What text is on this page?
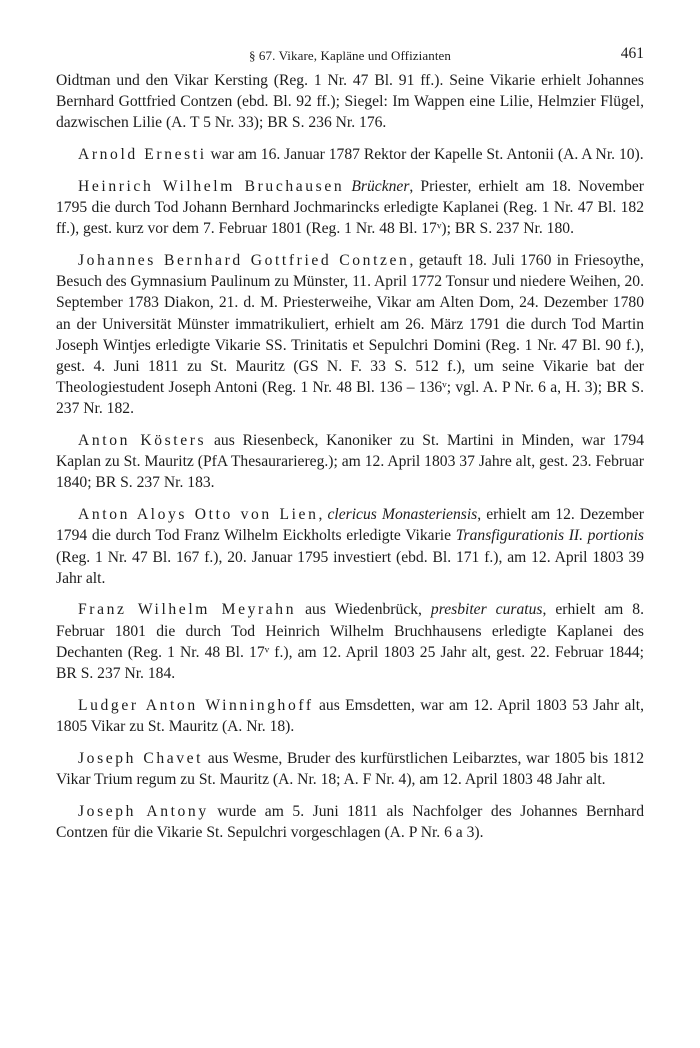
§ 67. Vikare, Kapläne und Offizianten	461

Oidtman und den Vikar Kersting (Reg. 1 Nr. 47 Bl. 91 ff.). Seine Vikarie erhielt Johannes Bernhard Gottfried Contzen (ebd. Bl. 92 ff.); Siegel: Im Wappen eine Lilie, Helmzier Flügel, dazwischen Lilie (A. T 5 Nr. 33); BR S. 236 Nr. 176.

Arnold Ernesti war am 16. Januar 1787 Rektor der Kapelle St. Antonii (A. A Nr. 10).

Heinrich Wilhelm Bruchausen Brückner, Priester, erhielt am 18. November 1795 die durch Tod Johann Bernhard Jochmarincks erledigte Kaplanei (Reg. 1 Nr. 47 Bl. 182 ff.), gest. kurz vor dem 7. Februar 1801 (Reg. 1 Nr. 48 Bl. 17ᵛ); BR S. 237 Nr. 180.

Johannes Bernhard Gottfried Contzen, getauft 18. Juli 1760 in Friesoythe, Besuch des Gymnasium Paulinum zu Münster, 11. April 1772 Tonsur und niedere Weihen, 20. September 1783 Diakon, 21. d. M. Priesterweihe, Vikar am Alten Dom, 24. Dezember 1780 an der Universität Münster immatrikuliert, erhielt am 26. März 1791 die durch Tod Martin Joseph Wintjes erledigte Vikarie SS. Trinitatis et Sepulchri Domini (Reg. 1 Nr. 47 Bl. 90 f.), gest. 4. Juni 1811 zu St. Mauritz (GS N. F. 33 S. 512 f.), um seine Vikarie bat der Theologiestudent Joseph Antoni (Reg. 1 Nr. 48 Bl. 136 – 136ᵛ; vgl. A. P Nr. 6 a, H. 3); BR S. 237 Nr. 182.

Anton Kösters aus Riesenbeck, Kanoniker zu St. Martini in Minden, war 1794 Kaplan zu St. Mauritz (PfA Thesaurariereg.); am 12. April 1803 37 Jahre alt, gest. 23. Februar 1840; BR S. 237 Nr. 183.

Anton Aloys Otto von Lien, clericus Monasteriensis, erhielt am 12. Dezember 1794 die durch Tod Franz Wilhelm Eickholts erledigte Vikarie Transfigurationis II. portionis (Reg. 1 Nr. 47 Bl. 167 f.), 20. Januar 1795 investiert (ebd. Bl. 171 f.), am 12. April 1803 39 Jahr alt.

Franz Wilhelm Meyrahn aus Wiedenbrück, presbiter curatus, erhielt am 8. Februar 1801 die durch Tod Heinrich Wilhelm Bruchhausens erledigte Kaplanei des Dechanten (Reg. 1 Nr. 48 Bl. 17ᵛ f.), am 12. April 1803 25 Jahr alt, gest. 22. Februar 1844; BR S. 237 Nr. 184.

Ludger Anton Winninghoff aus Emsdetten, war am 12. April 1803 53 Jahr alt, 1805 Vikar zu St. Mauritz (A. Nr. 18).

Joseph Chavet aus Wesme, Bruder des kurfürstlichen Leibarztes, war 1805 bis 1812 Vikar Trium regum zu St. Mauritz (A. Nr. 18; A. F Nr. 4), am 12. April 1803 48 Jahr alt.

Joseph Antony wurde am 5. Juni 1811 als Nachfolger des Johannes Bernhard Contzen für die Vikarie St. Sepulchri vorgeschlagen (A. P Nr. 6 a 3).
